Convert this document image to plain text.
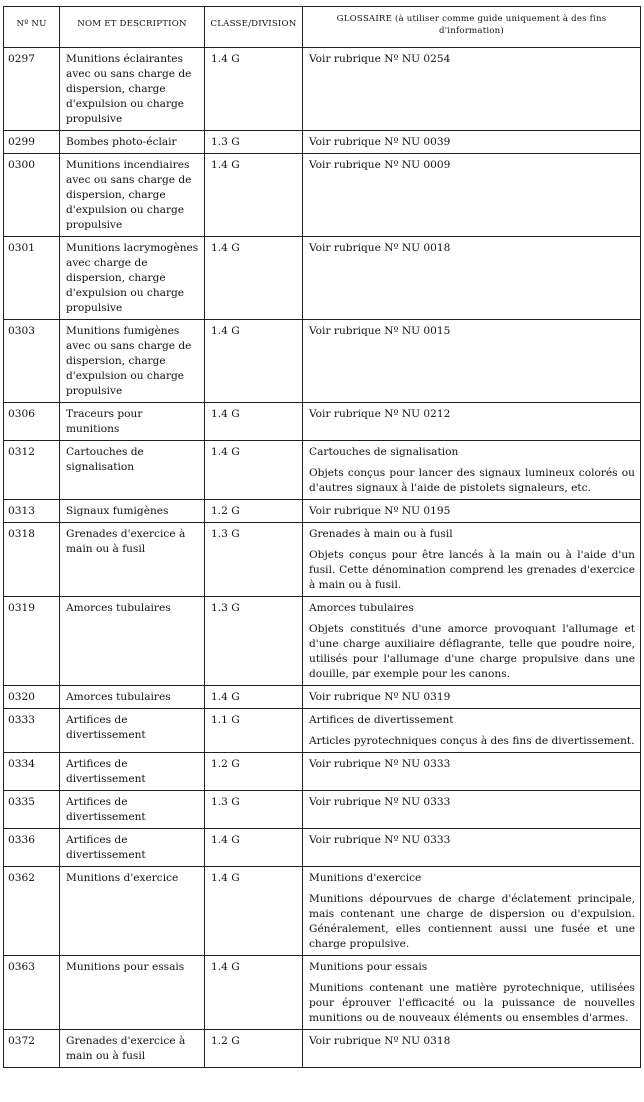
Nº NU	NOM ET DESCRIPTION	CLASSE/DIVISION	GLOSSAIRE (à utiliser comme guide uniquement à des fins d'information)
0297	Munitions éclairantes avec ou sans charge de dispersion, charge d'expulsion ou charge propulsive	1.4 G	Voir rubrique Nº NU 0254

0299	Bombes photo-éclair	1.3 G	Voir rubrique Nº NU 0039

0300	Munitions incendiaires avec ou sans charge de dispersion, charge d'expulsion ou charge propulsive	1.4 G	Voir rubrique Nº NU 0009

0301	Munitions lacrymogènes avec charge de dispersion, charge d'expulsion ou charge propulsive	1.4 G	Voir rubrique Nº NU 0018

0303	Munitions fumigènes avec ou sans charge de dispersion, charge d'expulsion ou charge propulsive	1.4 G	Voir rubrique Nº NU 0015

0306	Traceurs pour munitions	1.4 G	Voir rubrique Nº NU 0212

0312	Cartouches de signalisation	1.4 G	Cartouches de signalisation
Objets conçus pour lancer des signaux lumineux colorés ou d'autres signaux à l'aide de pistolets signaleurs, etc.

0313	Signaux fumigènes	1.2 G	Voir rubrique Nº NU 0195

0318	Grenades d'exercice à main ou à fusil	1.3 G	Grenades à main ou à fusil
Objets conçus pour être lancés à la main ou à l'aide d'un fusil. Cette dénomination comprend les grenades d'exercice à main ou à fusil.

0319	Amorces tubulaires	1.3 G	Amorces tubulaires
Objets constitués d'une amorce provoquant l'allumage et d'une charge auxiliaire déflagrante, telle que poudre noire, utilisés pour l'allumage d'une charge propulsive dans une douille, par exemple pour les canons.

0320	Amorces tubulaires	1.4 G	Voir rubrique Nº NU 0319

0333	Artifices de divertissement	1.1 G	Artifices de divertissement
Articles pyrotechniques conçus à des fins de divertissement.

0334	Artifices de divertissement	1.2 G	Voir rubrique Nº NU 0333

0335	Artifices de divertissement	1.3 G	Voir rubrique Nº NU 0333

0336	Artifices de divertissement	1.4 G	Voir rubrique Nº NU 0333

0362	Munitions d'exercice	1.4 G	Munitions d'exercice
Munitions dépourvues de charge d'éclatement principale, mais contenant une charge de dispersion ou d'expulsion. Généralement, elles contiennent aussi une fusée et une charge propulsive.

0363	Munitions pour essais	1.4 G	Munitions pour essais
Munitions contenant une matière pyrotechnique, utilisées pour éprouver l'efficacité ou la puissance de nouvelles munitions ou de nouveaux éléments ou ensembles d'armes.

0372	Grenades d'exercice à main ou à fusil	1.2 G	Voir rubrique Nº NU 0318
